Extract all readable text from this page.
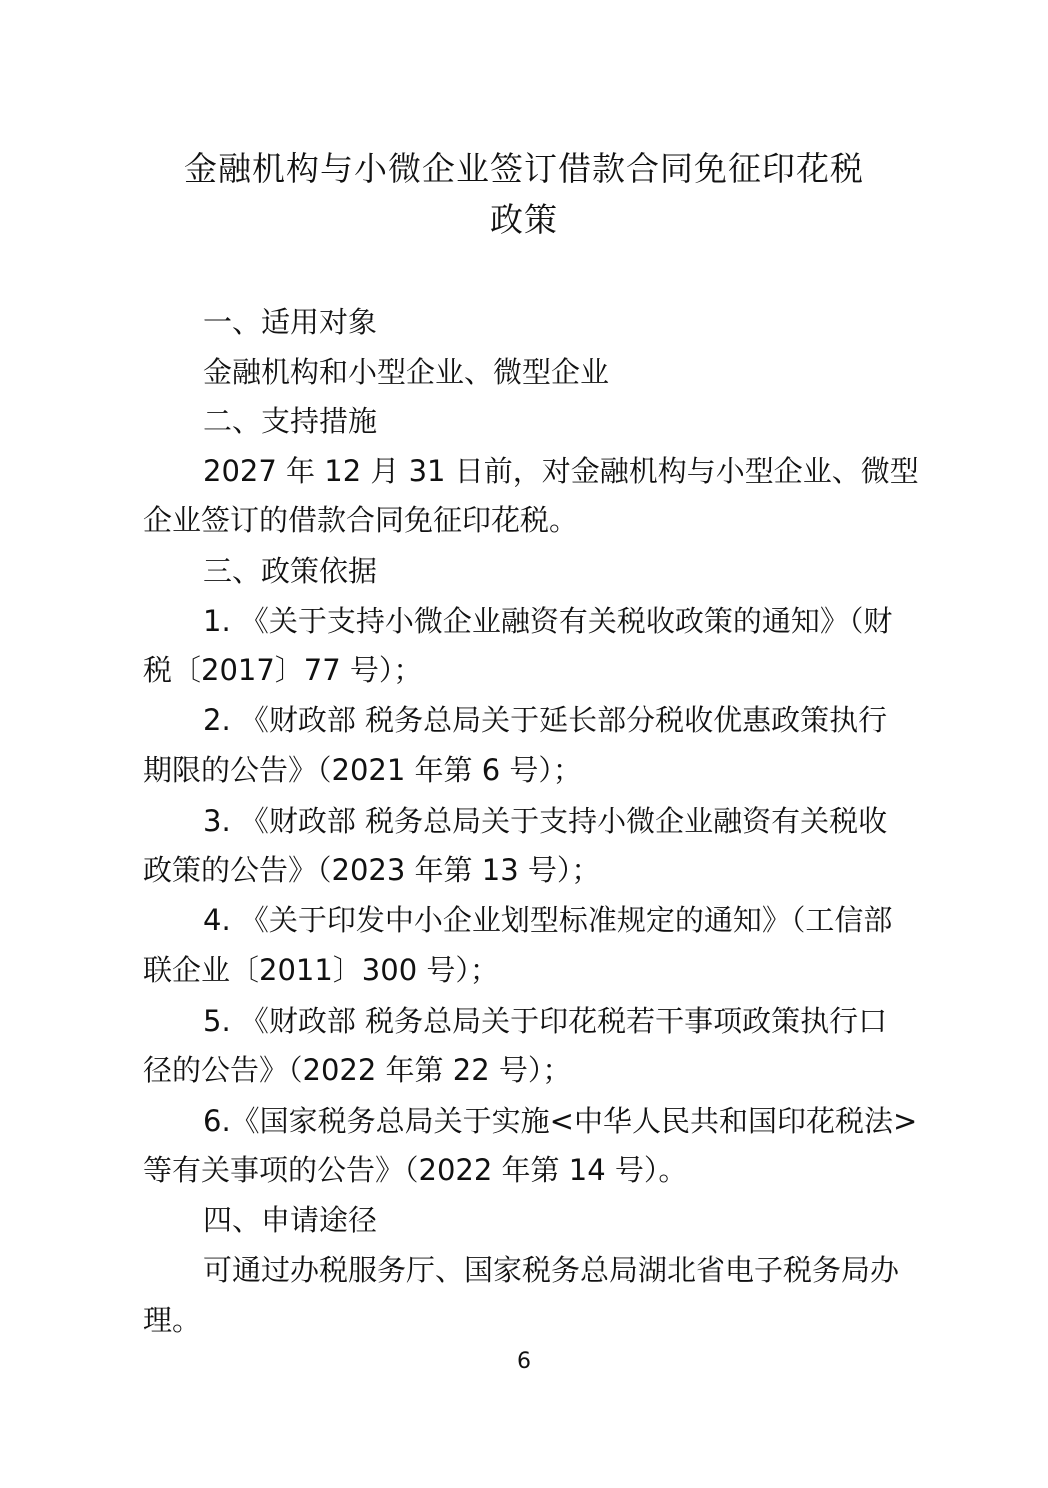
金融机构与小微企业签订借款合同免征印花税
政策
一、适用对象
金融机构和小型企业、微型企业
二、支持措施
2027 年 12 月 31 日前，对金融机构与小型企业、微型
企业签订的借款合同免征印花税。
三、政策依据
1. 《关于支持小微企业融资有关税收政策的通知》（财
税〔2017〕77 号）；
2. 《财政部 税务总局关于延长部分税收优惠政策执行
期限的公告》（2021 年第 6 号）；
3. 《财政部 税务总局关于支持小微企业融资有关税收
政策的公告》（2023 年第 13 号）；
4. 《关于印发中小企业划型标准规定的通知》（工信部
联企业〔2011〕300 号）；
5. 《财政部 税务总局关于印花税若干事项政策执行口
径的公告》（2022 年第 22 号）；
6.《国家税务总局关于实施<中华人民共和国印花税法>
等有关事项的公告》（2022 年第 14 号）。
四、申请途径
可通过办税服务厅、国家税务总局湖北省电子税务局办
理。
6
